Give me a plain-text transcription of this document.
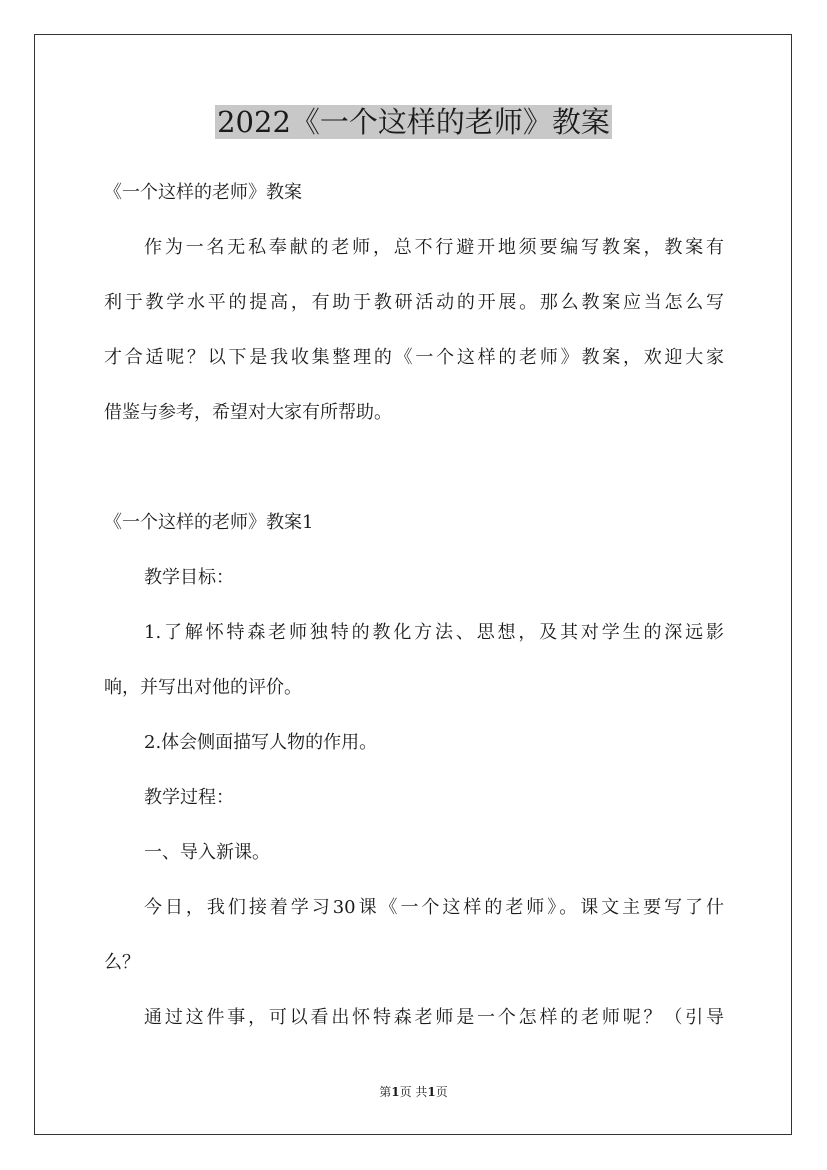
2022《一个这样的老师》教案

《一个这样的老师》教案

作为一名无私奉献的老师，总不行避开地须要编写教案，教案有

利于教学水平的提高，有助于教研活动的开展。那么教案应当怎么写

才合适呢？以下是我收集整理的《一个这样的老师》教案，欢迎大家

借鉴与参考，希望对大家有所帮助。

《一个这样的老师》教案1

教学目标：

1.了解怀特森老师独特的教化方法、思想，及其对学生的深远影

响，并写出对他的评价。

2.体会侧面描写人物的作用。

教学过程：

一、导入新课。

今日，我们接着学习30课《一个这样的老师》。课文主要写了什

么？

通过这件事，可以看出怀特森老师是一个怎样的老师呢？（引导

第1页 共1页
